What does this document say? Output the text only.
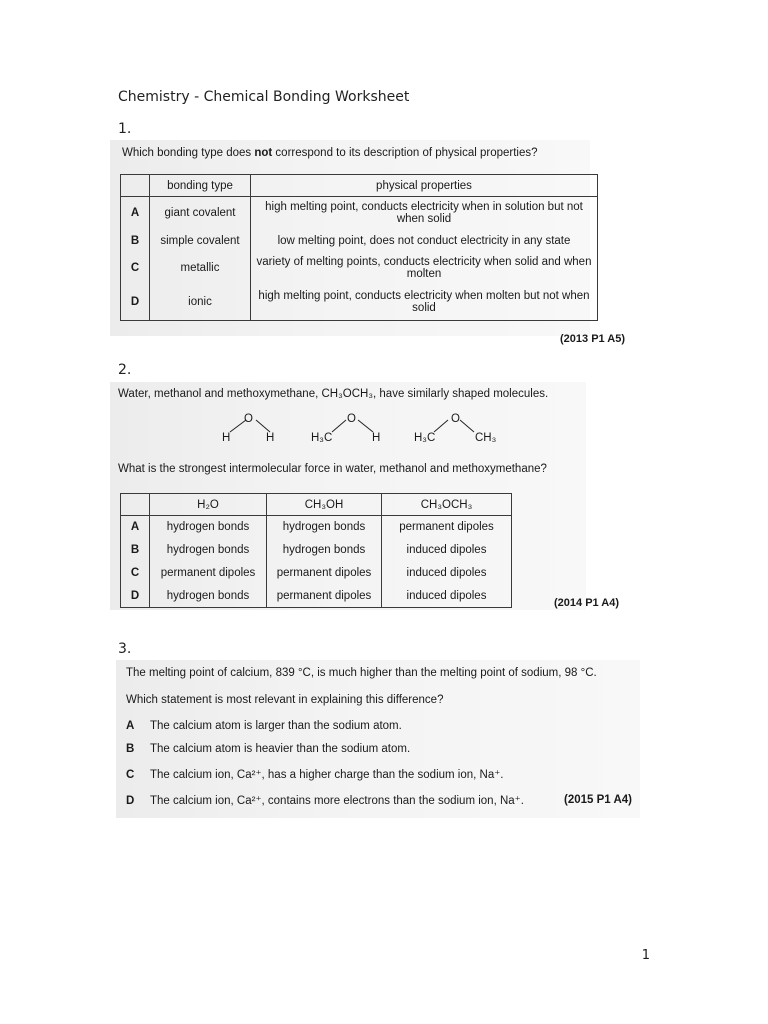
Chemistry - Chemical Bonding Worksheet
1.
Which bonding type does not correspond to its description of physical properties?
	bonding type	physical properties
A	giant covalent	high melting point, conducts electricity when in solution but not when solid
B	simple covalent	low melting point, does not conduct electricity in any state
C	metallic	variety of melting points, conducts electricity when solid and when molten
D	ionic	high melting point, conducts electricity when molten but not when solid
(2013 P1 A5)
2.
Water, methanol and methoxymethane, CH₃OCH₃, have similarly shaped molecules.
O
H	H
O
H₃C	H
O
H₃C	CH₃
What is the strongest intermolecular force in water, methanol and methoxymethane?
	H₂O	CH₃OH	CH₃OCH₃
A	hydrogen bonds	hydrogen bonds	permanent dipoles
B	hydrogen bonds	hydrogen bonds	induced dipoles
C	permanent dipoles	permanent dipoles	induced dipoles
D	hydrogen bonds	permanent dipoles	induced dipoles
(2014 P1 A4)
3.
The melting point of calcium, 839 °C, is much higher than the melting point of sodium, 98 °C.
Which statement is most relevant in explaining this difference?
A The calcium atom is larger than the sodium atom.
B The calcium atom is heavier than the sodium atom.
C The calcium ion, Ca²⁺, has a higher charge than the sodium ion, Na⁺.
D The calcium ion, Ca²⁺, contains more electrons than the sodium ion, Na⁺.	(2015 P1 A4)
1
